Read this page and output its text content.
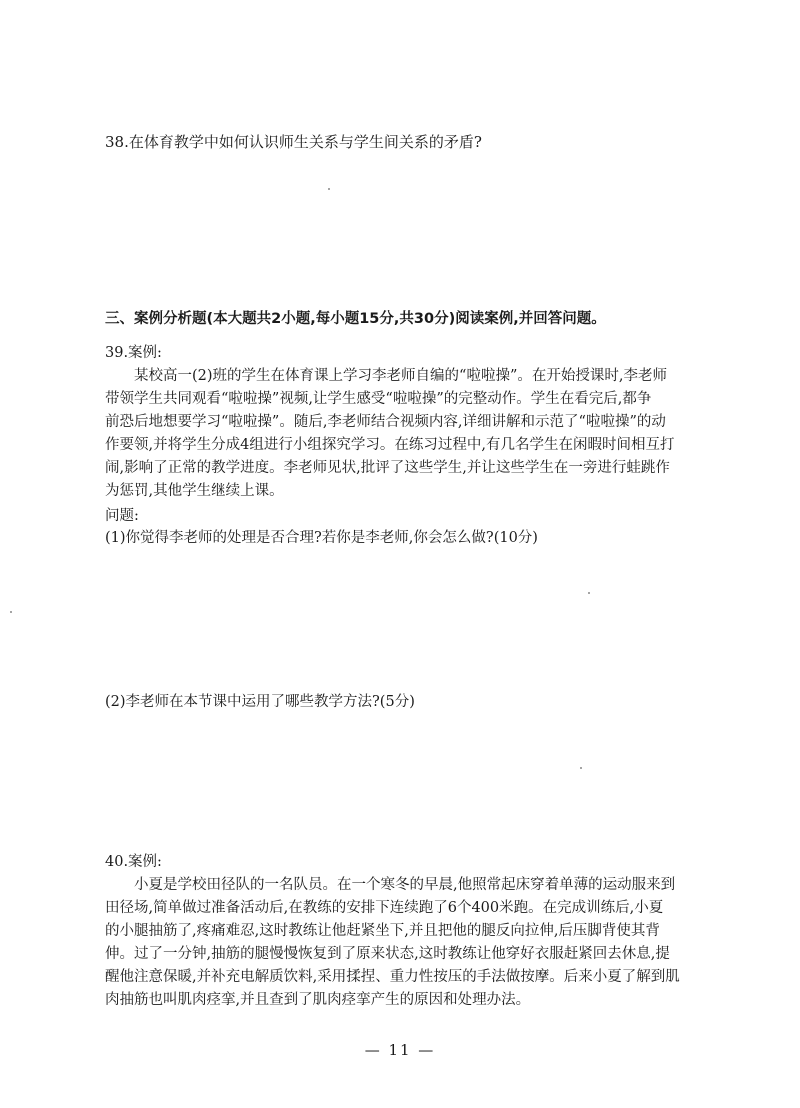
38.在体育教学中如何认识师生关系与学生间关系的矛盾?
三、案例分析题(本大题共2小题,每小题15分,共30分)阅读案例,并回答问题。
39.案例:

某校高一(2)班的学生在体育课上学习李老师自编的“啦啦操”。在开始授课时,李老师

带领学生共同观看“啦啦操”视频,让学生感受“啦啦操”的完整动作。学生在看完后,都争

前恐后地想要学习“啦啦操”。随后,李老师结合视频内容,详细讲解和示范了“啦啦操”的动

作要领,并将学生分成4组进行小组探究学习。在练习过程中,有几名学生在闲暇时间相互打

闹,影响了正常的教学进度。李老师见状,批评了这些学生,并让这些学生在一旁进行蛙跳作

为惩罚,其他学生继续上课。

问题:
(1)你觉得李老师的处理是否合理?若你是李老师,你会怎么做?(10分)
(2)李老师在本节课中运用了哪些教学方法?(5分)
40.案例:

小夏是学校田径队的一名队员。在一个寒冬的早晨,他照常起床穿着单薄的运动服来到

田径场,简单做过准备活动后,在教练的安排下连续跑了6个400米跑。在完成训练后,小夏

的小腿抽筋了,疼痛难忍,这时教练让他赶紧坐下,并且把他的腿反向拉伸,后压脚背使其背

伸。过了一分钟,抽筋的腿慢慢恢复到了原来状态,这时教练让他穿好衣服赶紧回去休息,提

醒他注意保暖,并补充电解质饮料,采用揉捏、重力性按压的手法做按摩。后来小夏了解到肌

肉抽筋也叫肌肉痉挛,并且查到了肌肉痉挛产生的原因和处理办法。

— 11 —
